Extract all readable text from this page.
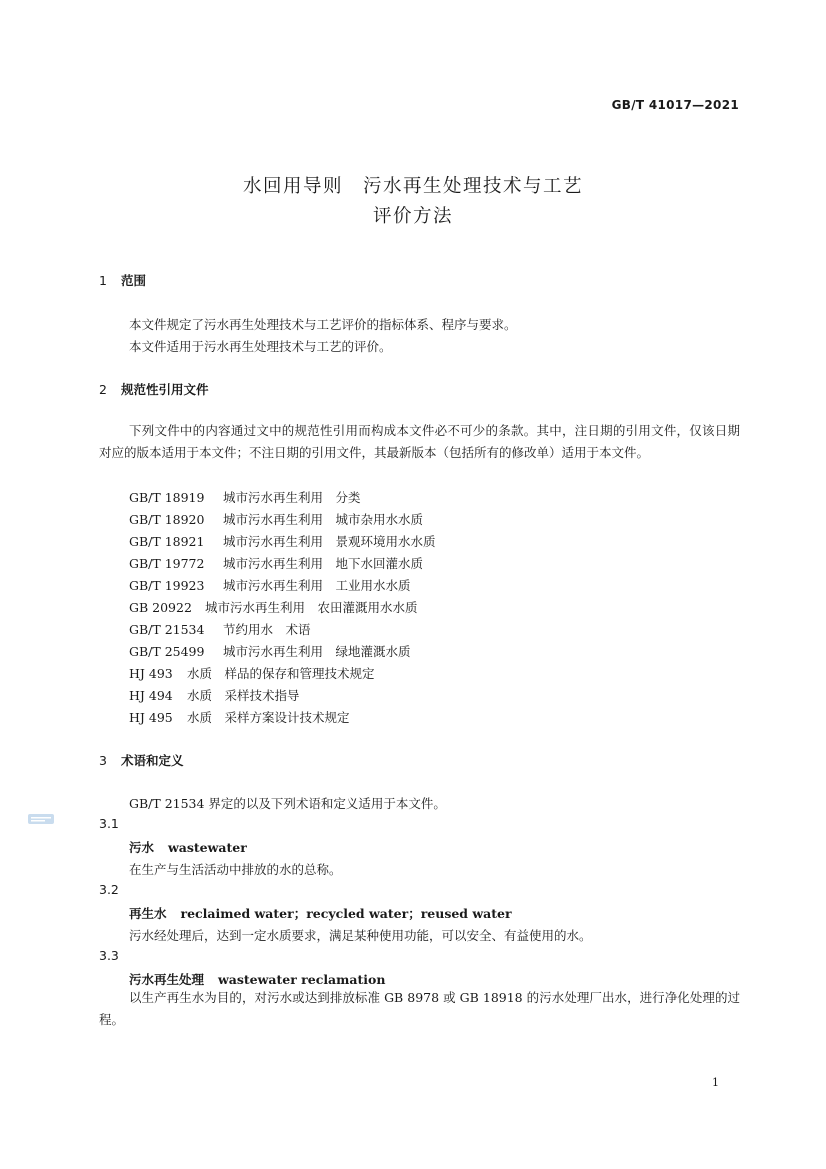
GB/T 41017—2021
水回用导则　污水再生处理技术与工艺
评价方法
1 范围
本文件规定了污水再生处理技术与工艺评价的指标体系、程序与要求。
本文件适用于污水再生处理技术与工艺的评价。
2 规范性引用文件
下列文件中的内容通过文中的规范性引用而构成本文件必不可少的条款。其中，注日期的引用文件，仅该日期对应的版本适用于本文件；不注日期的引用文件，其最新版本（包括所有的修改单）适用于本文件。
GB/T 18919 城市污水再生利用　分类
GB/T 18920 城市污水再生利用　城市杂用水水质
GB/T 18921 城市污水再生利用　景观环境用水水质
GB/T 19772 城市污水再生利用　地下水回灌水质
GB/T 19923 城市污水再生利用　工业用水水质
GB 20922 城市污水再生利用　农田灌溉用水水质
GB/T 21534 节约用水　术语
GB/T 25499 城市污水再生利用　绿地灌溉水质
HJ 493 水质　样品的保存和管理技术规定
HJ 494 水质　采样技术指导
HJ 495 水质　采样方案设计技术规定
3 术语和定义
GB/T 21534 界定的以及下列术语和定义适用于本文件。
3.1
污水 wastewater
在生产与生活活动中排放的水的总称。
3.2
再生水 reclaimed water；recycled water；reused water
污水经处理后，达到一定水质要求，满足某种使用功能，可以安全、有益使用的水。
3.3
污水再生处理 wastewater reclamation
以生产再生水为目的，对污水或达到排放标准 GB 8978 或 GB 18918 的污水处理厂出水，进行净化处理的过程。
1
